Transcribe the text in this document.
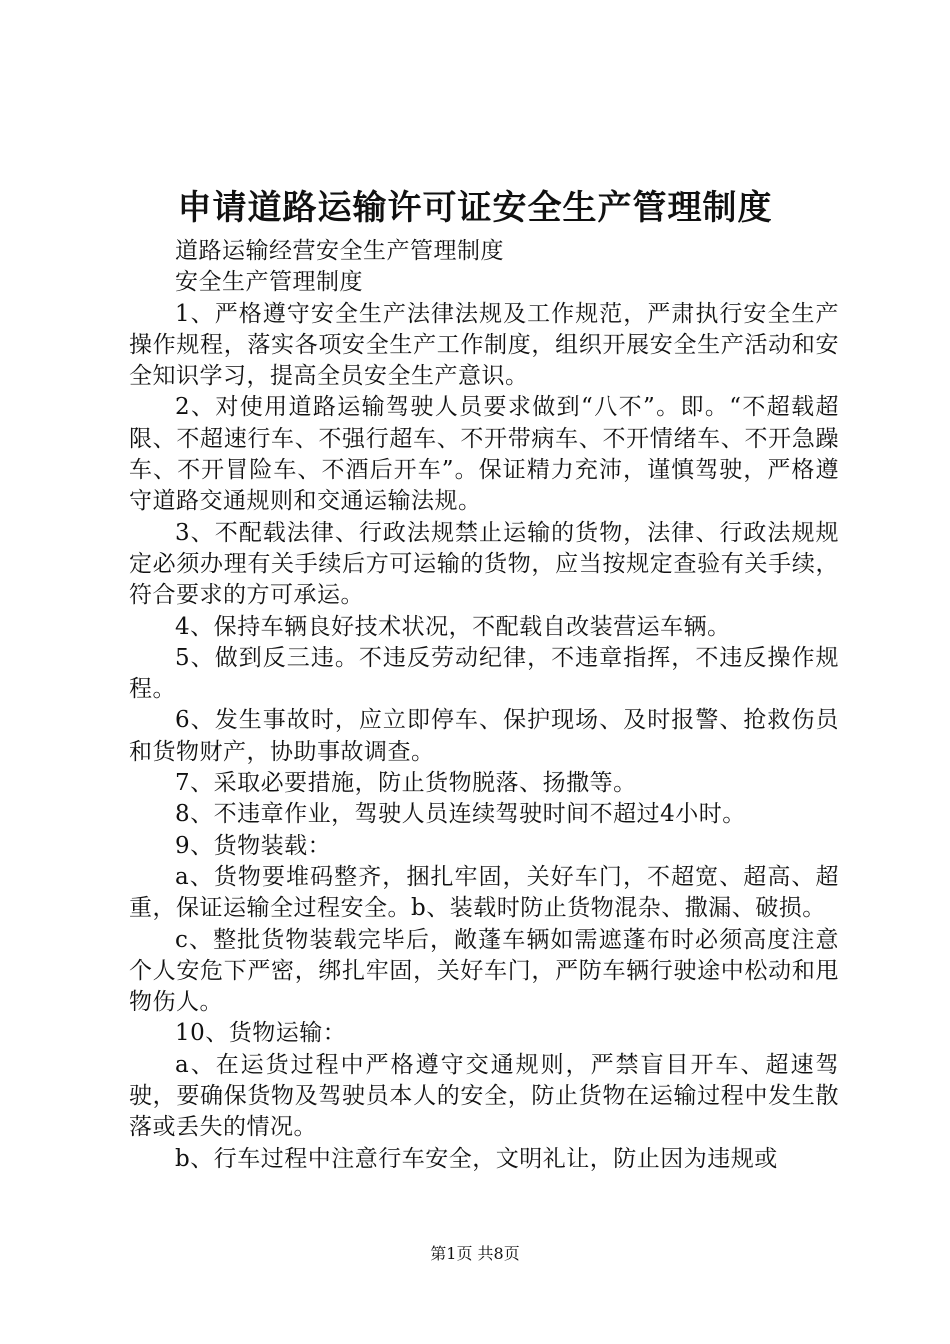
申请道路运输许可证安全生产管理制度

道路运输经营安全生产管理制度

安全生产管理制度

1、严格遵守安全生产法律法规及工作规范，严肃执行安全生产操作规程，落实各项安全生产工作制度，组织开展安全生产活动和安全知识学习，提高全员安全生产意识。

2、对使用道路运输驾驶人员要求做到“八不”。即。“不超载超限、不超速行车、不强行超车、不开带病车、不开情绪车、不开急躁车、不开冒险车、不酒后开车”。保证精力充沛，谨慎驾驶，严格遵守道路交通规则和交通运输法规。

3、不配载法律、行政法规禁止运输的货物，法律、行政法规规定必须办理有关手续后方可运输的货物，应当按规定查验有关手续，符合要求的方可承运。

4、保持车辆良好技术状况，不配载自改装营运车辆。

5、做到反三违。不违反劳动纪律，不违章指挥，不违反操作规程。

6、发生事故时，应立即停车、保护现场、及时报警、抢救伤员和货物财产，协助事故调查。

7、采取必要措施，防止货物脱落、扬撒等。

8、不违章作业，驾驶人员连续驾驶时间不超过4小时。

9、货物装载：

a、货物要堆码整齐，捆扎牢固，关好车门，不超宽、超高、超重，保证运输全过程安全。b、装载时防止货物混杂、撒漏、破损。

c、整批货物装载完毕后，敞蓬车辆如需遮蓬布时必须高度注意个人安危下严密，绑扎牢固，关好车门，严防车辆行驶途中松动和甩物伤人。

10、货物运输：

a、在运货过程中严格遵守交通规则，严禁盲目开车、超速驾驶，要确保货物及驾驶员本人的安全，防止货物在运输过程中发生散落或丢失的情况。

b、行车过程中注意行车安全，文明礼让，防止因为违规或

第1页 共8页
